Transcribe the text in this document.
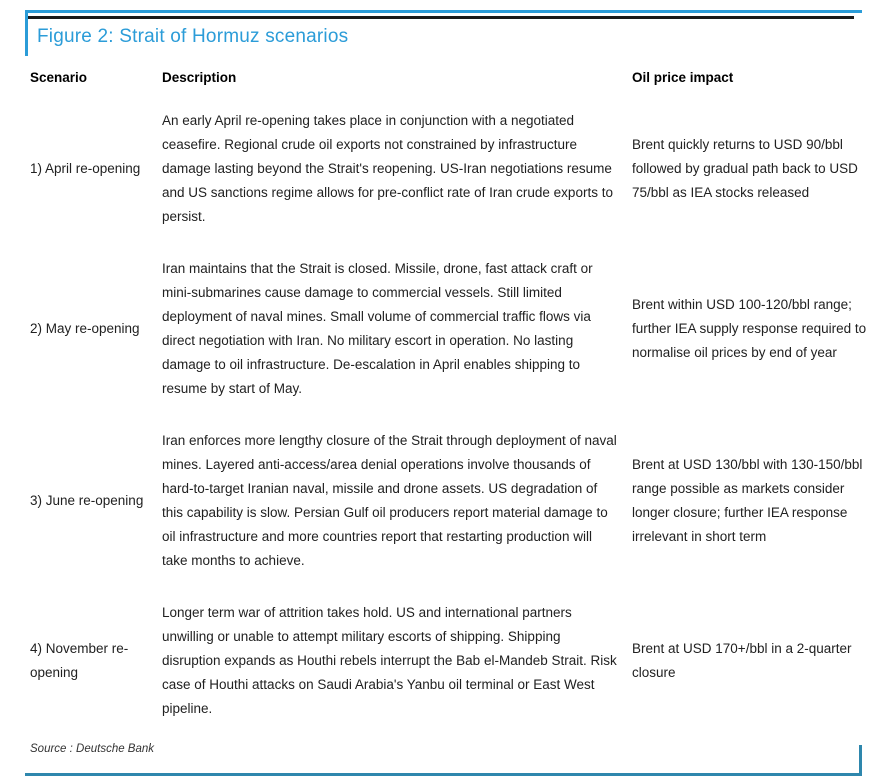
Figure 2: Strait of Hormuz scenarios
Scenario	Description	Oil price impact
1) April re-opening	An early April re-opening takes place in conjunction with a negotiated ceasefire. Regional crude oil exports not constrained by infrastructure damage lasting beyond the Strait's reopening. US-Iran negotiations resume and US sanctions regime allows for pre-conflict rate of Iran crude exports to persist.	Brent quickly returns to USD 90/bbl followed by gradual path back to USD 75/bbl as IEA stocks released
2) May re-opening	Iran maintains that the Strait is closed. Missile, drone, fast attack craft or mini-submarines cause damage to commercial vessels. Still limited deployment of naval mines. Small volume of commercial traffic flows via direct negotiation with Iran. No military escort in operation. No lasting damage to oil infrastructure. De-escalation in April enables shipping to resume by start of May.	Brent within USD 100-120/bbl range; further IEA supply response required to normalise oil prices by end of year
3) June re-opening	Iran enforces more lengthy closure of the Strait through deployment of naval mines. Layered anti-access/area denial operations involve thousands of hard-to-target Iranian naval, missile and drone assets. US degradation of this capability is slow. Persian Gulf oil producers report material damage to oil infrastructure and more countries report that restarting production will take months to achieve.	Brent at USD 130/bbl with 130-150/bbl range possible as markets consider longer closure; further IEA response irrelevant in short term
4) November re-opening	Longer term war of attrition takes hold. US and international partners unwilling or unable to attempt military escorts of shipping. Shipping disruption expands as Houthi rebels interrupt the Bab el-Mandeb Strait. Risk case of Houthi attacks on Saudi Arabia's Yanbu oil terminal or East West pipeline.	Brent at USD 170+/bbl in a 2-quarter closure
Source : Deutsche Bank
